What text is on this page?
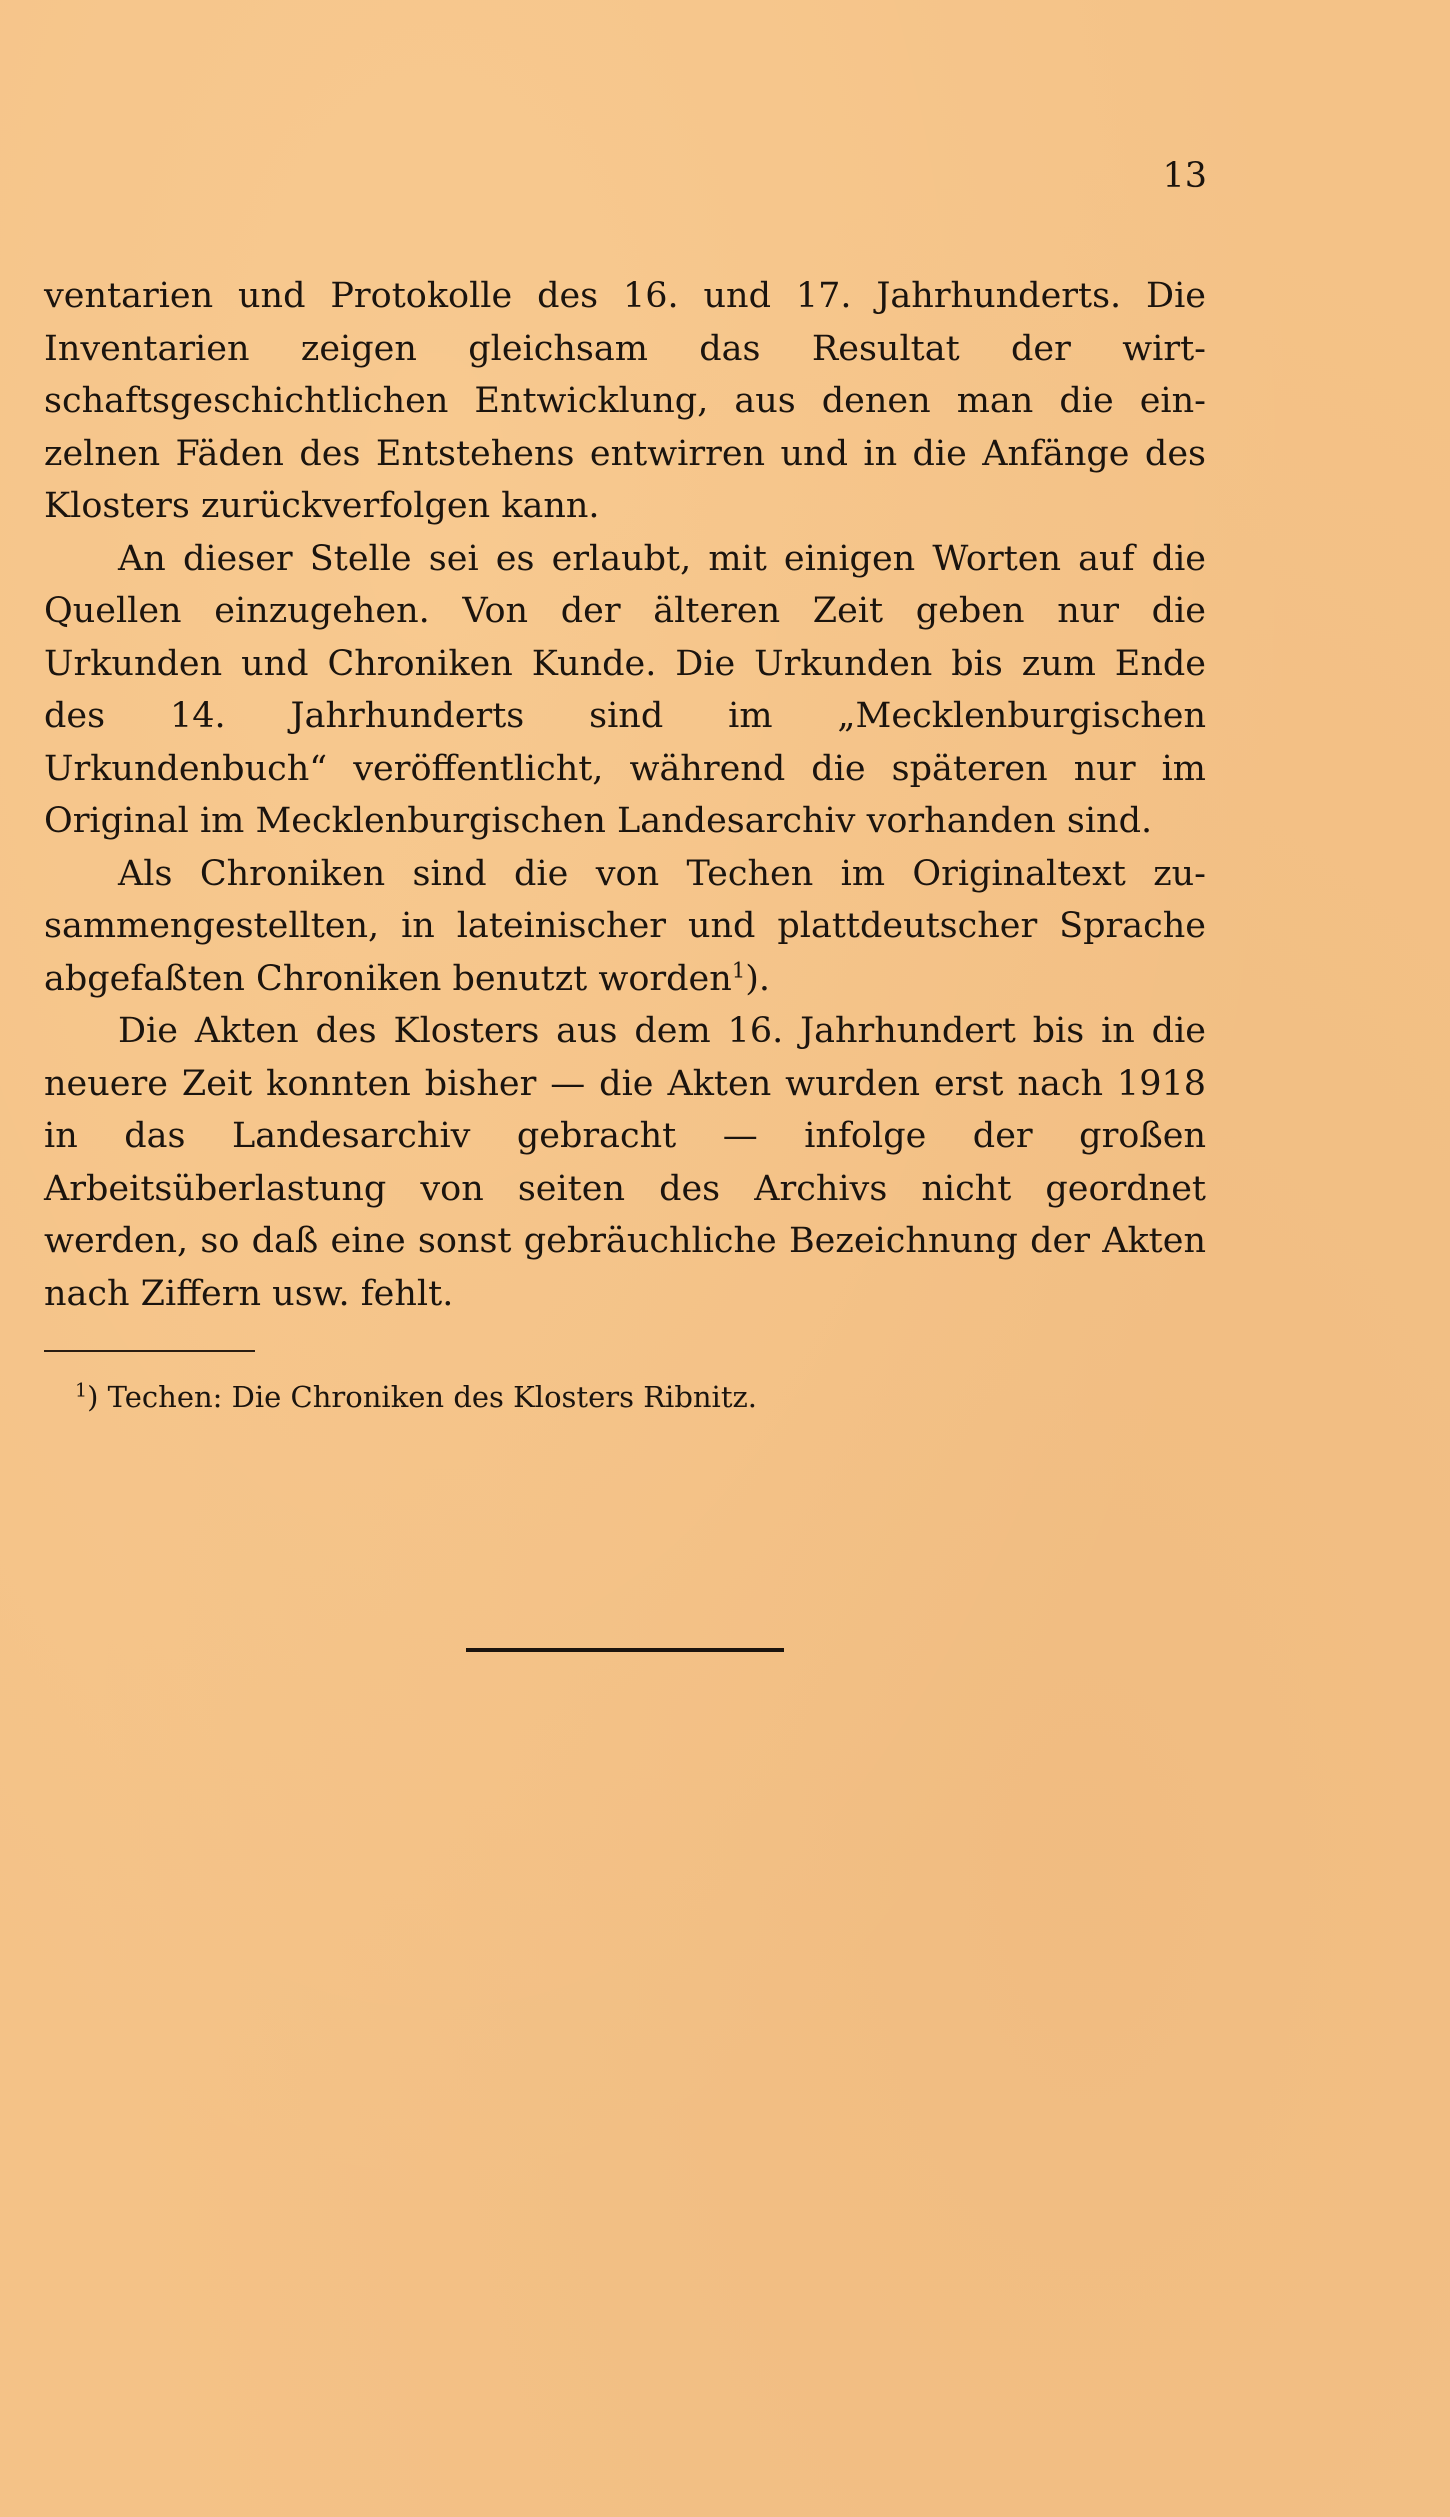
13

ventarien und Protokolle des 16. und 17. Jahrhunderts. Die Inventarien zeigen gleichsam das Resultat der wirt-schaftsgeschichtlichen Entwicklung, aus denen man die ein-zelnen Fäden des Entstehens entwirren und in die Anfänge des Klosters zurückverfolgen kann.

An dieser Stelle sei es erlaubt, mit einigen Worten auf die Quellen einzugehen. Von der älteren Zeit geben nur die Urkunden und Chroniken Kunde. Die Urkunden bis zum Ende des 14. Jahrhunderts sind im „Mecklenburgischen Urkundenbuch“ veröffentlicht, während die späteren nur im Original im Mecklenburgischen Landesarchiv vorhanden sind.

Als Chroniken sind die von Techen im Originaltext zu-sammengestellten, in lateinischer und plattdeutscher Sprache abgefaßten Chroniken benutzt worden$^1$).

Die Akten des Klosters aus dem 16. Jahrhundert bis in die neuere Zeit konnten bisher — die Akten wurden erst nach 1918 in das Landesarchiv gebracht — infolge der großen Arbeitsüberlastung von seiten des Archivs nicht geordnet werden, so daß eine sonst gebräuchliche Bezeichnung der Akten nach Ziffern usw. fehlt.

$^1$) Techen: Die Chroniken des Klosters Ribnitz.
